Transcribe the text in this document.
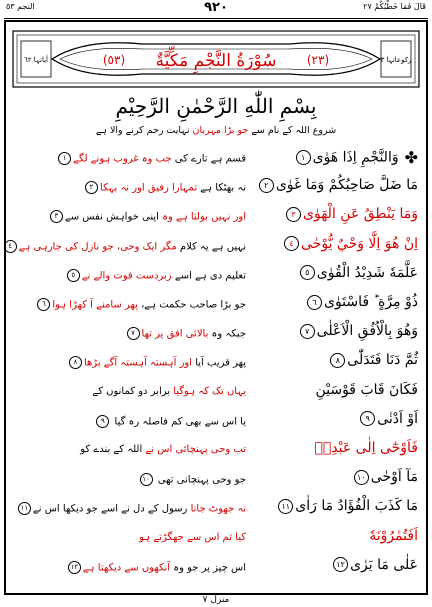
النجم ٥٣	٩٢٠	قَالَ فَمَا خَطْبُكُمْ ٢٧
اٰیاتہا ٦٢	(٥٣) سُوْرَةُ النَّجْمِ مَكِّيَّةٌ	(٢٣)	رکوعاتہا ٣
بِسْمِ اللّٰهِ الرَّحْمٰنِ الرَّحِيْمِ
شروع اللہ کے نام سے جو بڑا مہربان نہایت رحم کرنے والا ہے
✤وَالنَّجْمِ اِذَا هَوٰى١
قسم ہے تارے کی جب وہ غروب ہونے لگے١
مَا ضَلَّ صَاحِبُكُمْ وَمَا غَوٰى٢
نہ بھٹکا ہے تمہارا رفیق اور نہ بہکا٢
وَمَا يَنْطِقُ عَنِ الْهَوٰى٣
اور نہیں بولتا ہے وہ اپنی خواہش نفس سے٣
اِنْ هُوَ اِلَّا وَحْيٌ يُّوْحٰى٤
نہیں ہے یہ کلام مگر ایک وحی، جو نازل کی جارہی ہے٤
عَلَّمَهٗ شَدِيْدُ الْقُوٰى٥
تعلیم دی ہے اسے زبردست قوت والے نے٥
ذُوْ مِرَّةٍ ؕ فَاسْتَوٰى٦
جو بڑا صاحب حکمت ہے، پھر سامنے آ کھڑا ہوا٦
وَهُوَ بِالْاُفُقِ الْاَعْلٰى٧
جبکہ وہ بالائی افق پر تھا٧
ثُمَّ دَنَا فَتَدَلّٰى٨
پھر قریب آیا اور آہستہ آہستہ آگے بڑھا٨
فَكَانَ قَابَ قَوْسَيْنِ
یہاں تک کہ ہوگیا برابر دو کمانوں کے
اَوْ اَدْنٰى٩
یا اس سے بھی کم فاصلہ رہ گیا ٩
فَاَوْحٰٓى اِلٰى عَبْدِهٖ
تب وحی پہنچائی اس نے اللہ کے بندے کو
مَآ اَوْحٰى١٠
جو وحی پہنچانی تھی ١٠
مَا كَذَبَ الْفُؤَادُ مَا رَاٰى١١
نہ جھوٹ جانا رسول کے دل نے اسے جو دیکھا اس نے١١
اَفَتُمٰرُوْنَهٗ
کیا تم اس سے جھگڑتے ہو
عَلٰى مَا يَرٰى١٢
اس چیز پر جو وہ آنکھوں سے دیکھتا ہے١٢
منزل ٧
